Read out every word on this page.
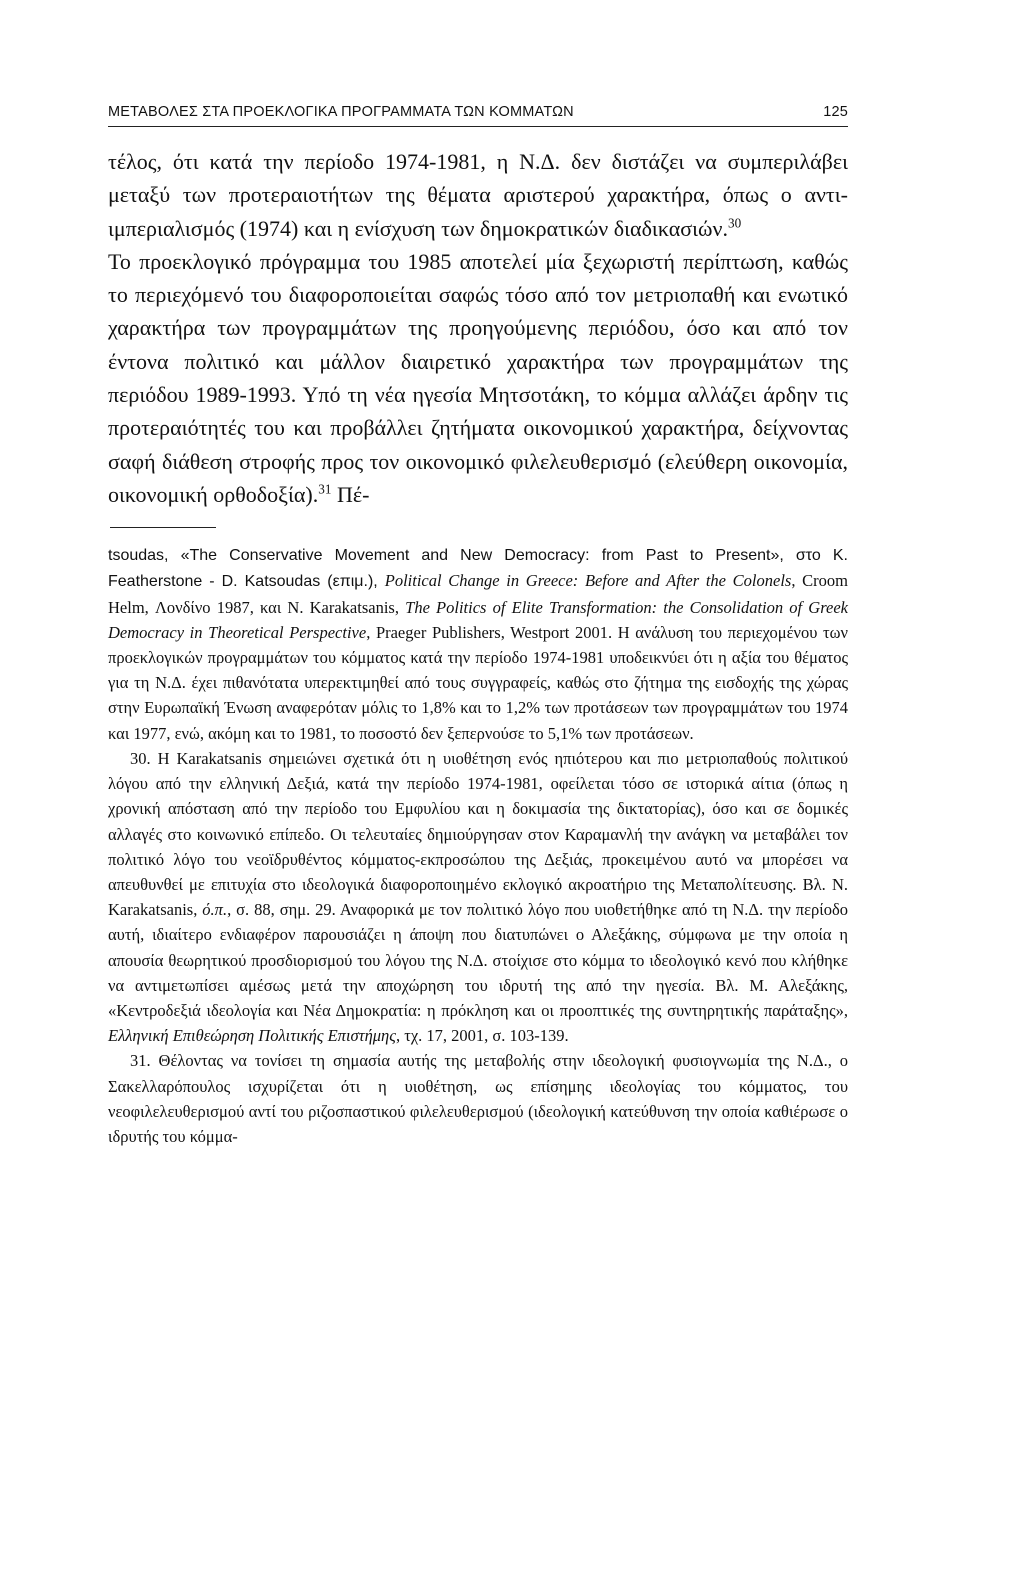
ΜΕΤΑΒΟΛΕΣ ΣΤΑ ΠΡΟΕΚΛΟΓΙΚΑ ΠΡΟΓΡΑΜΜΑΤΑ ΤΩΝ ΚΟΜΜΑΤΩΝ	125

τέλος, ότι κατά την περίοδο 1974-1981, η Ν.Δ. δεν διστάζει να συμπεριλάβει μεταξύ των προτεραιοτήτων της θέματα αριστερού χαρακτήρα, όπως ο αντι-ιμπεριαλισμός (1974) και η ενίσχυση των δημοκρατικών διαδικασιών.$^{30}$

Το προεκλογικό πρόγραμμα του 1985 αποτελεί μία ξεχωριστή περίπτωση, καθώς το περιεχόμενό του διαφοροποιείται σαφώς τόσο από τον μετριοπαθή και ενωτικό χαρακτήρα των προγραμμάτων της προηγούμενης περιόδου, όσο και από τον έντονα πολιτικό και μάλλον διαιρετικό χαρακτήρα των προγραμμάτων της περιόδου 1989-1993. Υπό τη νέα ηγεσία Μητσοτάκη, το κόμμα αλλάζει άρδην τις προτεραιότητές του και προβάλλει ζητήματα οικονομικού χαρακτήρα, δείχνοντας σαφή διάθεση στροφής προς τον οικονομικό φιλελευθερισμό (ελεύθερη οικονομία, οικονομική ορθοδοξία).$^{31}$ Πέ-

tsoudas, «The Conservative Movement and New Democracy: from Past to Present», στο K. Featherstone - D. Katsoudas (επιμ.), Political Change in Greece: Before and After the Colonels, Croom Helm, Λονδίνο 1987, και N. Karakatsanis, The Politics of Elite Transformation: the Consolidation of Greek Democracy in Theoretical Perspective, Praeger Publishers, Westport 2001. Η ανάλυση του περιεχομένου των προεκλογικών προγραμμάτων του κόμματος κατά την περίοδο 1974-1981 υποδεικνύει ότι η αξία του θέματος για τη Ν.Δ. έχει πιθανότατα υπερεκτιμηθεί από τους συγγραφείς, καθώς στο ζήτημα της εισδοχής της χώρας στην Ευρωπαϊκή Ένωση αναφερόταν μόλις το 1,8% και το 1,2% των προτάσεων των προγραμμάτων του 1974 και 1977, ενώ, ακόμη και το 1981, το ποσοστό δεν ξεπερνούσε το 5,1% των προτάσεων.

30. Η Karakatsanis σημειώνει σχετικά ότι η υιοθέτηση ενός ηπιότερου και πιο μετριοπαθούς πολιτικού λόγου από την ελληνική Δεξιά, κατά την περίοδο 1974-1981, οφείλεται τόσο σε ιστορικά αίτια (όπως η χρονική απόσταση από την περίοδο του Εμφυλίου και η δοκιμασία της δικτατορίας), όσο και σε δομικές αλλαγές στο κοινωνικό επίπεδο. Οι τελευταίες δημιούργησαν στον Καραμανλή την ανάγκη να μεταβάλει τον πολιτικό λόγο του νεοϊδρυθέντος κόμματος-εκπροσώπου της Δεξιάς, προκειμένου αυτό να μπορέσει να απευθυνθεί με επιτυχία στο ιδεολογικά διαφοροποιημένο εκλογικό ακροατήριο της Μεταπολίτευσης. Βλ. N. Karakatsanis, ό.π., σ. 88, σημ. 29. Αναφορικά με τον πολιτικό λόγο που υιοθετήθηκε από τη Ν.Δ. την περίοδο αυτή, ιδιαίτερο ενδιαφέρον παρουσιάζει η άποψη που διατυπώνει ο Αλεξάκης, σύμφωνα με την οποία η απουσία θεωρητικού προσδιορισμού του λόγου της Ν.Δ. στοίχισε στο κόμμα το ιδεολογικό κενό που κλήθηκε να αντιμετωπίσει αμέσως μετά την αποχώρηση του ιδρυτή της από την ηγεσία. Βλ. Μ. Αλεξάκης, «Κεντροδεξιά ιδεολογία και Νέα Δημοκρατία: η πρόκληση και οι προοπτικές της συντηρητικής παράταξης», Ελληνική Επιθεώρηση Πολιτικής Επιστήμης, τχ. 17, 2001, σ. 103-139.

31. Θέλοντας να τονίσει τη σημασία αυτής της μεταβολής στην ιδεολογική φυσιογνωμία της Ν.Δ., ο Σακελλαρόπουλος ισχυρίζεται ότι η υιοθέτηση, ως επίσημης ιδεολογίας του κόμματος, του νεοφιλελευθερισμού αντί του ριζοσπαστικού φιλελευθερισμού (ιδεολογική κατεύθυνση την οποία καθιέρωσε ο ιδρυτής του κόμμα-
